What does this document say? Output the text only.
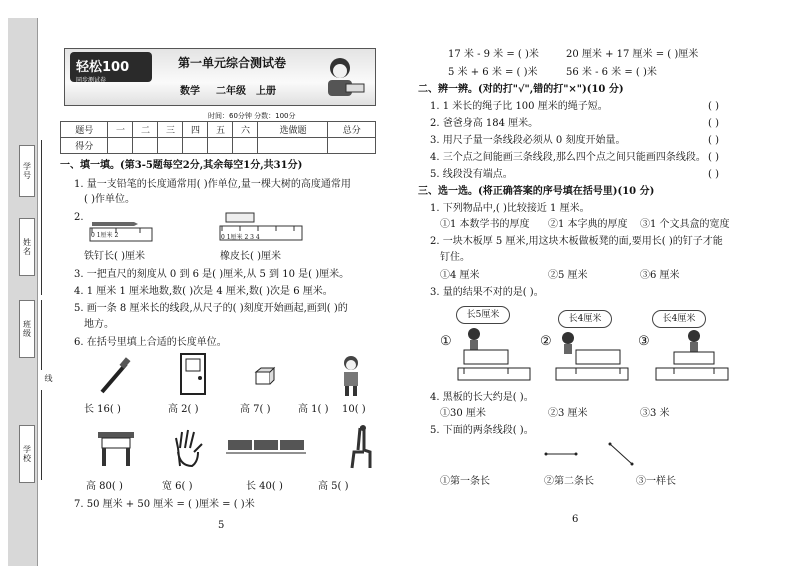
学号
姓名
班级
学校
线
轻松100
同步测试卷
第一单元综合测试卷
数学 二年级 上册
时间：60分钟 分数：100分
题号	一	二	三	四	五	六	选做题	总分
得分								
一、填一填。(第3-5题每空2分,其余每空1分,共31分)
1. 量一支铅笔的长度通常用( )作单位,量一棵大树的高度通常用
( )作单位。
2.
0 1厘米 2	0 1厘米 2 3 4
铁钉长( )厘米	橡皮长( )厘米
3. 一把直尺的刻度从 0 到 6 是( )厘米,从 5 到 10 是( )厘米。
4. 1 厘米 1 厘米地数,数( )次是 4 厘米,数( )次是 6 厘米。
5. 画一条 8 厘米长的线段,从尺子的( )刻度开始画起,画到( )的
地方。
6. 在括号里填上合适的长度单位。
长 16( )	高 2( )	高 7( )	高 1( ) 10( )
高 80( )	宽 6( )	长 40( )	高 5( )
7. 50 厘米 + 50 厘米 = ( )厘米 = ( )米
5
17 米 - 9 米 = ( )米	20 厘米 + 17 厘米 = ( )厘米
5 米 + 6 米 = ( )米	56 米 - 6 米 = ( )米
二、辨一辨。(对的打"√",错的打"×")(10 分)
1. 1 米长的绳子比 100 厘米的绳子短。	( )
2. 爸爸身高 184 厘米。	( )
3. 用尺子量一条线段必须从 0 刻度开始量。	( )
4. 三个点之间能画三条线段,那么四个点之间只能画四条线段。 ( )
5. 线段没有端点。	( )
三、选一选。(将正确答案的序号填在括号里)(10 分)
1. 下列物品中,( )比较接近 1 厘米。
①1 本数学书的厚度 ②1 本字典的厚度 ③1 个文具盒的宽度
2. 一块木板厚 5 厘米,用这块木板做板凳的面,要用长( )的钉子才能
钉住。
①4 厘米	②5 厘米	③6 厘米
3. 量的结果不对的是( )。
长5厘米	长4厘米	长4厘米
①	②	③
4. 黑板的长大约是( )。
①30 厘米	②3 厘米	③3 米
5. 下面的两条线段( )。
①第一条长	②第二条长	③一样长
6
